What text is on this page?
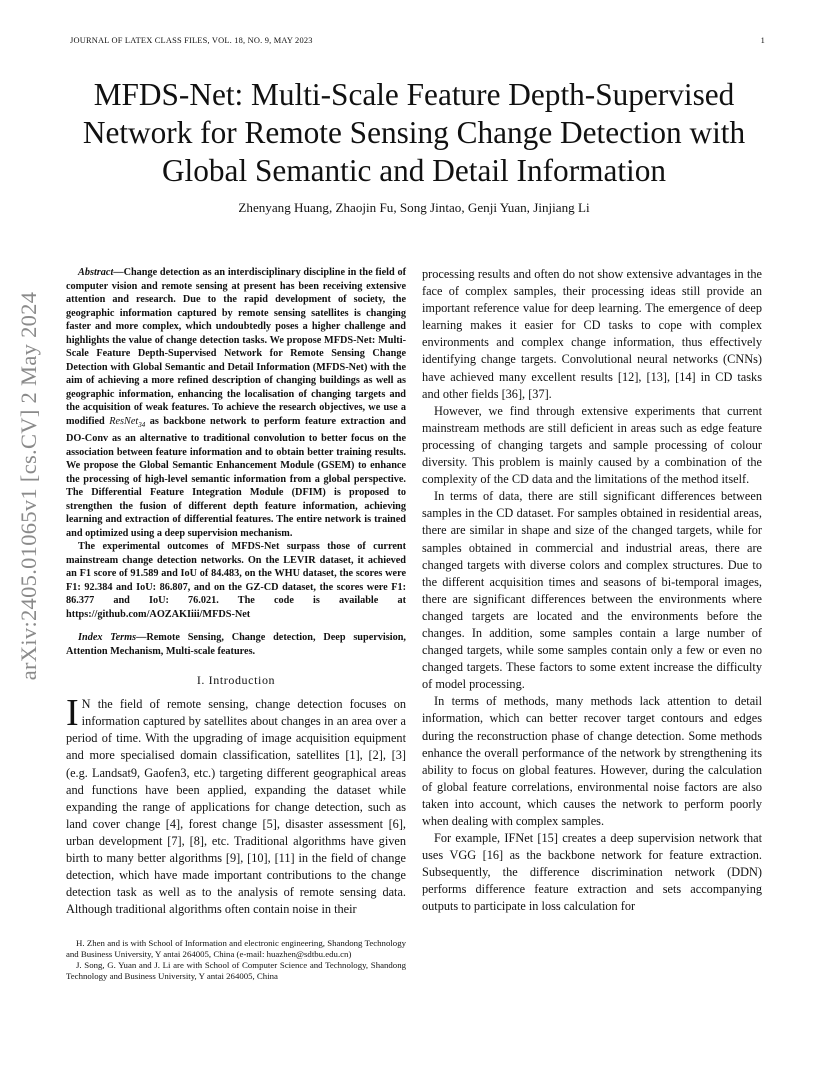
JOURNAL OF LATEX CLASS FILES, VOL. 18, NO. 9, MAY 2023	1
arXiv:2405.01065v1 [cs.CV] 2 May 2024
MFDS-Net: Multi-Scale Feature Depth-Supervised Network for Remote Sensing Change Detection with Global Semantic and Detail Information
Zhenyang Huang, Zhaojin Fu, Song Jintao, Genji Yuan, Jinjiang Li

Abstract—Change detection as an interdisciplinary discipline in the field of computer vision and remote sensing at present has been receiving extensive attention and research. Due to the rapid development of society, the geographic information captured by remote sensing satellites is changing faster and more complex, which undoubtedly poses a higher challenge and highlights the value of change detection tasks. We propose MFDS-Net: Multi-Scale Feature Depth-Supervised Network for Remote Sensing Change Detection with Global Semantic and Detail Information (MFDS-Net) with the aim of achieving a more refined description of changing buildings as well as geographic information, enhancing the localisation of changing targets and the acquisition of weak features. To achieve the research objectives, we use a modified ResNet$_{34}$ as backbone network to perform feature extraction and DO-Conv as an alternative to traditional convolution to better focus on the association between feature information and to obtain better training results. We propose the Global Semantic Enhancement Module (GSEM) to enhance the processing of high-level semantic information from a global perspective. The Differential Feature Integration Module (DFIM) is proposed to strengthen the fusion of different depth feature information, achieving learning and extraction of differential features. The entire network is trained and optimized using a deep supervision mechanism.

The experimental outcomes of MFDS-Net surpass those of current mainstream change detection networks. On the LEVIR dataset, it achieved an F1 score of 91.589 and IoU of 84.483, on the WHU dataset, the scores were F1: 92.384 and IoU: 86.807, and on the GZ-CD dataset, the scores were F1: 86.377 and IoU: 76.021. The code is available at https://github.com/AOZAKIiii/MFDS-Net

Index Terms—Remote Sensing, Change detection, Deep supervision, Attention Mechanism, Multi-scale features.

I. Introduction

I N the field of remote sensing, change detection focuses on information captured by satellites about changes in an area over a period of time. With the upgrading of image acquisition equipment and more specialised domain classification, satellites [1], [2], [3] (e.g. Landsat9, Gaofen3, etc.) targeting different geographical areas and functions have been applied, expanding the dataset while expanding the range of applications for change detection, such as land cover change [4], forest change [5], disaster assessment [6], urban development [7], [8], etc. Traditional algorithms have given birth to many better algorithms [9], [10], [11] in the field of change detection, which have made important contributions to the change detection task as well as to the analysis of remote sensing data. Although traditional algorithms often contain noise in their

processing results and often do not show extensive advantages in the face of complex samples, their processing ideas still provide an important reference value for deep learning. The emergence of deep learning makes it easier for CD tasks to cope with complex environments and complex change information, thus effectively identifying change targets. Convolutional neural networks (CNNs) have achieved many excellent results [12], [13], [14] in CD tasks and other fields [36], [37].

However, we find through extensive experiments that current mainstream methods are still deficient in areas such as edge feature processing of changing targets and sample processing of colour diversity. This problem is mainly caused by a combination of the complexity of the CD data and the limitations of the method itself.

In terms of data, there are still significant differences between samples in the CD dataset. For samples obtained in residential areas, there are similar in shape and size of the changed targets, while for samples obtained in commercial and industrial areas, there are changed targets with diverse colors and complex structures. Due to the different acquisition times and seasons of bi-temporal images, there are significant differences between the environments where changed targets are located and the environments before the changes. In addition, some samples contain a large number of changed targets, while some samples contain only a few or even no changed targets. These factors to some extent increase the difficulty of model processing.

In terms of methods, many methods lack attention to detail information, which can better recover target contours and edges during the reconstruction phase of change detection. Some methods enhance the overall performance of the network by strengthening its ability to focus on global features. However, during the calculation of global feature correlations, environmental noise factors are also taken into account, which causes the network to perform poorly when dealing with complex samples.

For example, IFNet [15] creates a deep supervision network that uses VGG [16] as the backbone network for feature extraction. Subsequently, the difference discrimination network (DDN) performs difference feature extraction and sets accompanying outputs to participate in loss calculation for

H. Zhen and is with School of Information and electronic engineering, Shandong Technology and Business University, Y antai 264005, China (e-mail: huazhen@sdtbu.edu.cn)

J. Song, G. Yuan and J. Li are with School of Computer Science and Technology, Shandong Technology and Business University, Y antai 264005, China
